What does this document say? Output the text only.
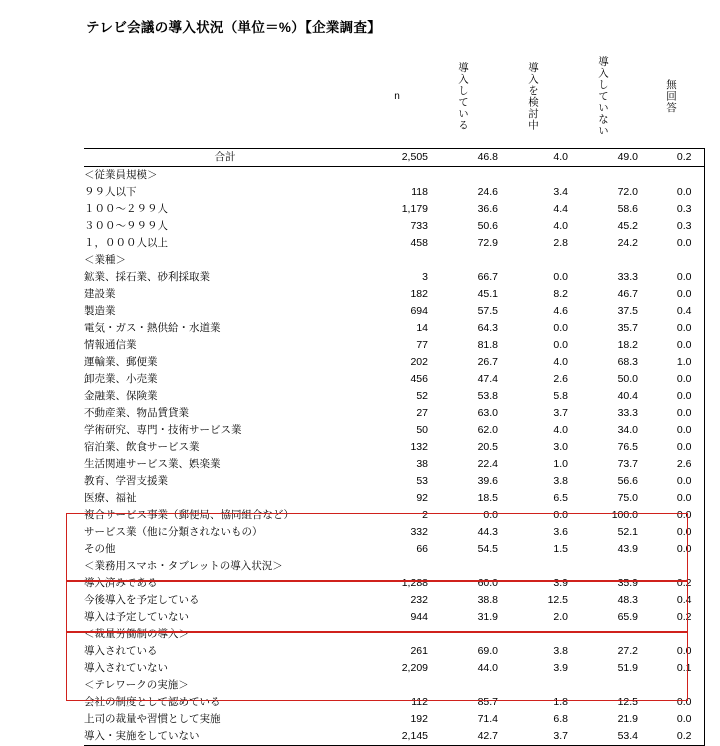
テレビ会議の導入状況（単位＝%）【企業調査】
	n	導入している	導入を検討中	導入していない	無回答

合計	2,505	46.8	4.0	49.0	0.2
＜従業員規模＞					
９９人以下	118	24.6	3.4	72.0	0.0
１００～２９９人	1,179	36.6	4.4	58.6	0.3
３００～９９９人	733	50.6	4.0	45.2	0.3
１，０００人以上	458	72.9	2.8	24.2	0.0
＜業種＞					
鉱業、採石業、砂利採取業	3	66.7	0.0	33.3	0.0
建設業	182	45.1	8.2	46.7	0.0
製造業	694	57.5	4.6	37.5	0.4
電気・ガス・熱供給・水道業	14	64.3	0.0	35.7	0.0
情報通信業	77	81.8	0.0	18.2	0.0
運輸業、郵便業	202	26.7	4.0	68.3	1.0
卸売業、小売業	456	47.4	2.6	50.0	0.0
金融業、保険業	52	53.8	5.8	40.4	0.0
不動産業、物品賃貸業	27	63.0	3.7	33.3	0.0
学術研究、専門・技術サービス業	50	62.0	4.0	34.0	0.0
宿泊業、飲食サービス業	132	20.5	3.0	76.5	0.0
生活関連サービス業、娯楽業	38	22.4	1.0	73.7	2.6
教育、学習支援業	53	39.6	3.8	56.6	0.0
医療、福祉	92	18.5	6.5	75.0	0.0
複合サービス事業（郵便局、協同組合など）	2	0.0	0.0	100.0	0.0
サービス業（他に分類されないもの）	332	44.3	3.6	52.1	0.0
その他	66	54.5	1.5	43.9	0.0
＜業務用スマホ・タブレットの導入状況＞					
導入済みである	1,288	60.0	3.9	35.9	0.2
今後導入を予定している	232	38.8	12.5	48.3	0.4
導入は予定していない	944	31.9	2.0	65.9	0.2
＜裁量労働制の導入＞					
導入されている	261	69.0	3.8	27.2	0.0
導入されていない	2,209	44.0	3.9	51.9	0.1
＜テレワークの実施＞					
会社の制度として認めている	112	85.7	1.8	12.5	0.0
上司の裁量や習慣として実施	192	71.4	6.8	21.9	0.0
導入・実施をしていない	2,145	42.7	3.7	53.4	0.2
